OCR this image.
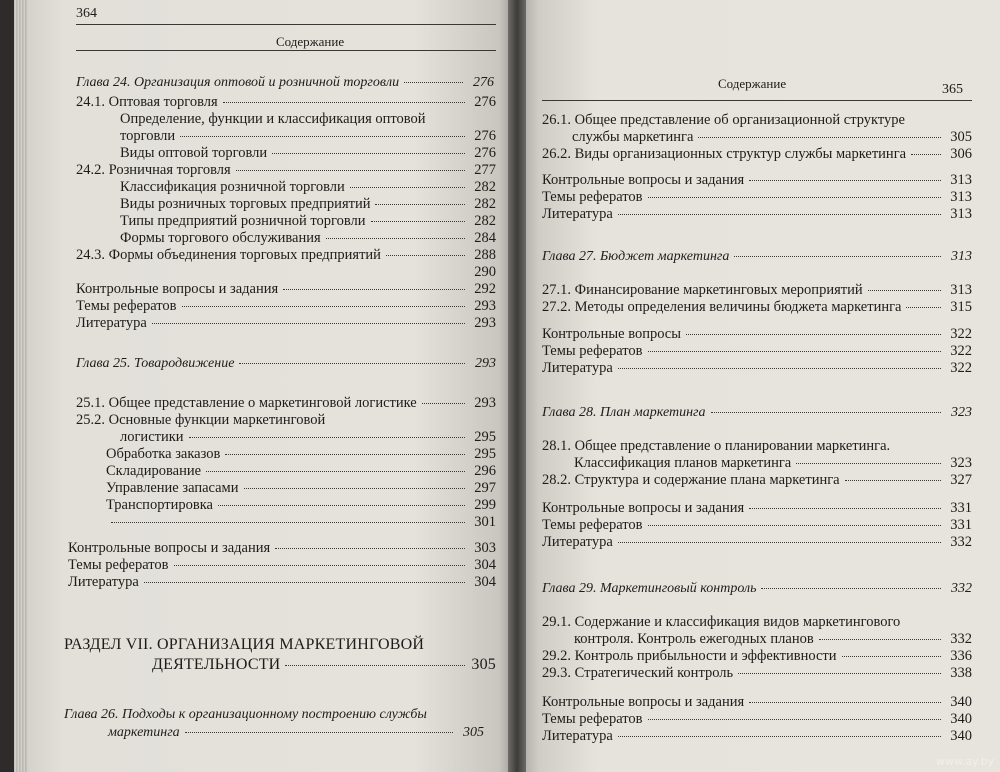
364
Содержание
Глава 24. Организация оптовой и розничной торговли	276
24.1. Оптовая торговля	276
Определение, функции и классификация оптовой
торговли	276
Виды оптовой торговли	276
24.2. Розничная торговля	277
Классификация розничной торговли	282
Виды розничных торговых предприятий	282
Типы предприятий розничной торговли	282
Формы торгового обслуживания	284
24.3. Формы объединения торговых предприятий	288
290
Контрольные вопросы и задания	292
Темы рефератов	293
Литература	293
Глава 25. Товародвижение	293
25.1. Общее представление о маркетинговой логистике	293
25.2. Основные функции маркетинговой
логистики	295
Обработка заказов	295
Складирование	296
Управление запасами	297
Транспортировка	299
301
Контрольные вопросы и задания	303
Темы рефератов	304
Литература	304
РАЗДЕЛ VII. ОРГАНИЗАЦИЯ МАРКЕТИНГОВОЙ
ДЕЯТЕЛЬНОСТИ	305
Глава 26. Подходы к организационному построению службы
маркетинга	305
Содержание	365
26.1. Общее представление об организационной структуре
службы маркетинга	305
26.2. Виды организационных структур службы маркетинга	306
Контрольные вопросы и задания	313
Темы рефератов	313
Литература	313
Глава 27. Бюджет маркетинга	313
27.1. Финансирование маркетинговых мероприятий	313
27.2. Методы определения величины бюджета маркетинга	315
Контрольные вопросы	322
Темы рефератов	322
Литература	322
Глава 28. План маркетинга	323
28.1. Общее представление о планировании маркетинга.
Классификация планов маркетинга	323
28.2. Структура и содержание плана маркетинга	327
Контрольные вопросы и задания	331
Темы рефератов	331
Литература	332
Глава 29. Маркетинговый контроль	332
29.1. Содержание и классификация видов маркетингового
контроля. Контроль ежегодных планов	332
29.2. Контроль прибыльности и эффективности	336
29.3. Стратегический контроль	338
Контрольные вопросы и задания	340
Темы рефератов	340
Литература	340
www.ay.by
